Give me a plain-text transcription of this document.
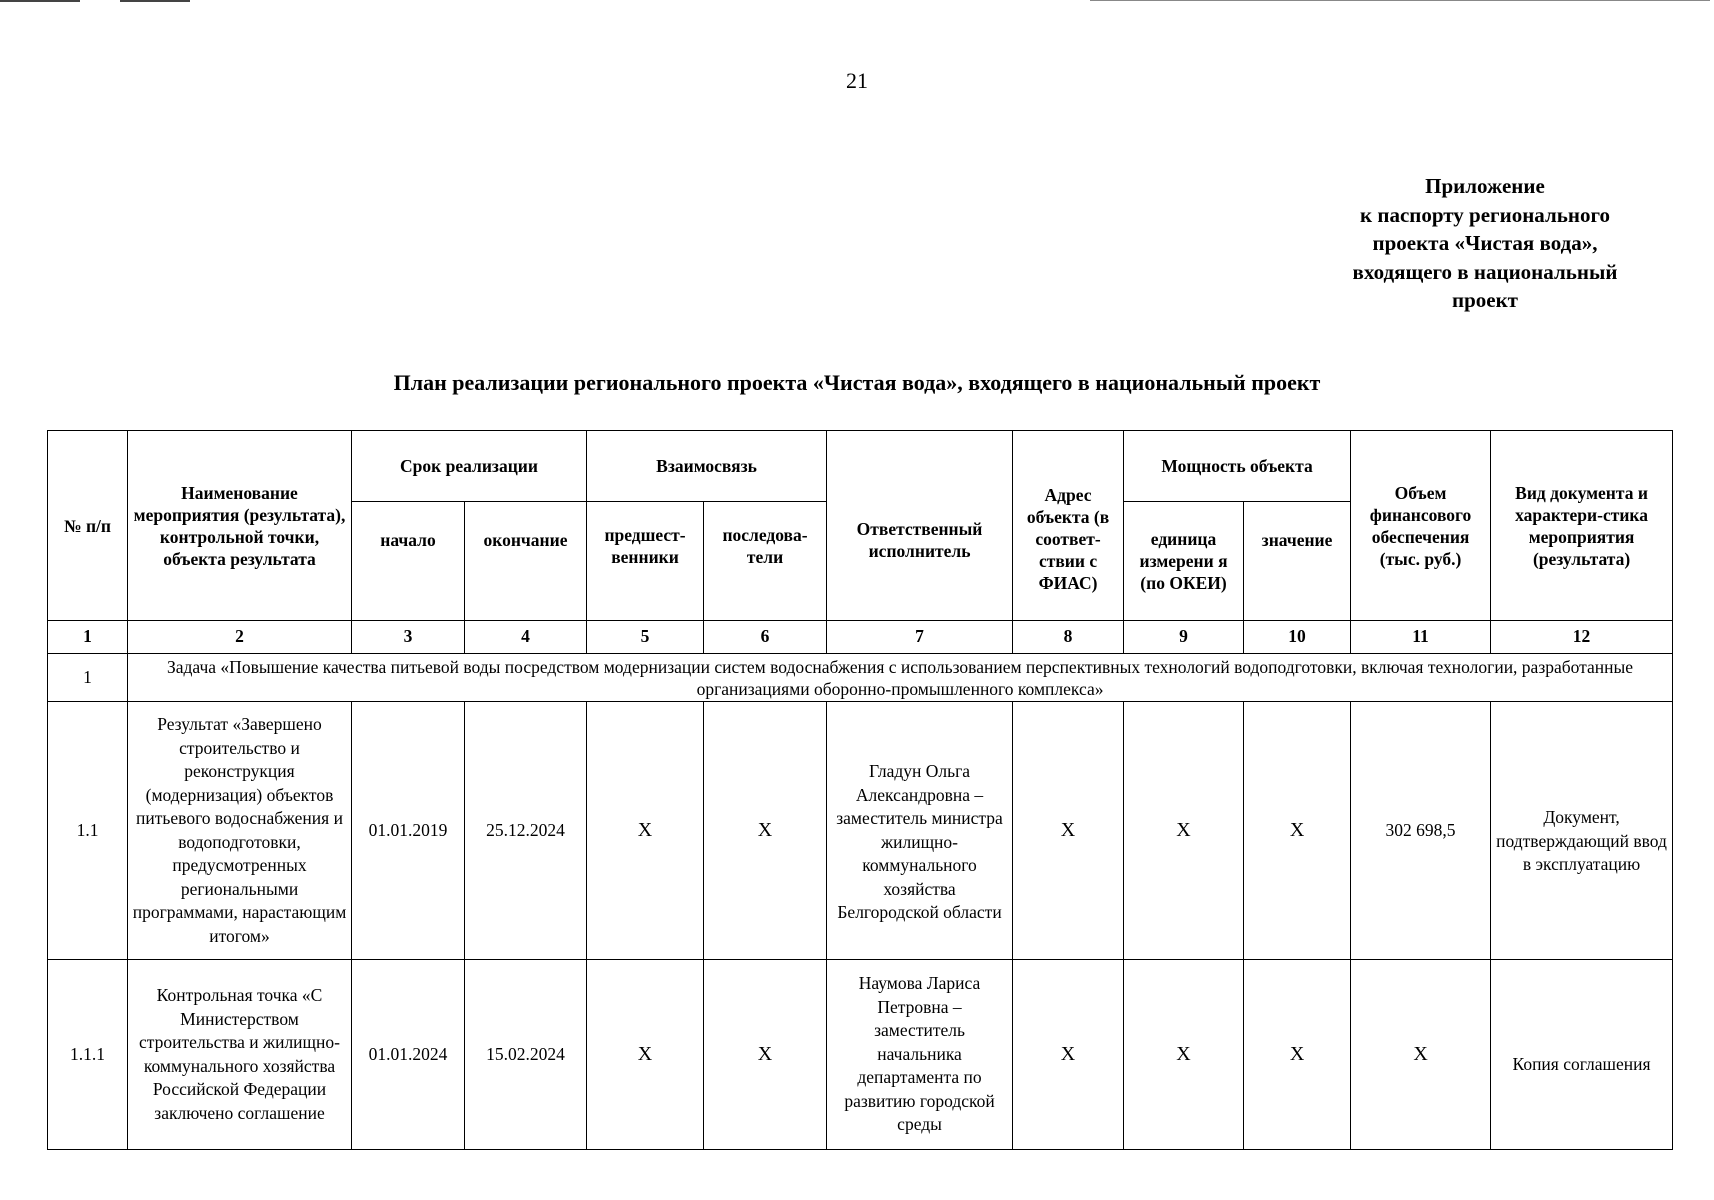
21
Приложение
к паспорту регионального
проекта «Чистая вода»,
входящего в национальный
проект
План реализации регионального проекта «Чистая вода», входящего в национальный проект
№ п/п	Наименование мероприятия (результата), контрольной точки, объекта результата	Срок реализации		Взаимосвязь		Ответственный исполнитель	Адрес объекта (в соответ-ствии с ФИАС)	Мощность объекта		Объем финансового обеспечения (тыс. руб.)	Вид документа и характери-стика мероприятия (результата)
		начало	окончание	предшест-венники	последова-тели			единица измерени я (по ОКЕИ)	значение		
1	2	3	4	5	6	7	8	9	10	11	12
1	Задача «Повышение качества питьевой воды посредством модернизации систем водоснабжения с использованием перспективных технологий водоподготовки, включая технологии, разработанные организациями оборонно-промышленного комплекса»										
1.1	Результат «Завершено строительство и реконструкция (модернизация) объектов питьевого водоснабжения и водоподготовки, предусмотренных региональными программами, нарастающим итогом»	01.01.2019	25.12.2024	X	X	Гладун Ольга Александровна – заместитель министра жилищно-коммунального хозяйства Белгородской области	X	X	X	302 698,5	Документ, подтверждающий ввод в эксплуатацию
1.1.1	Контрольная точка «С Министерством строительства и жилищно-коммунального хозяйства Российской Федерации заключено соглашение	01.01.2024	15.02.2024	X	X	Наумова Лариса Петровна – заместитель начальника департамента по развитию городской среды	X	X	X	X	Копия соглашения
